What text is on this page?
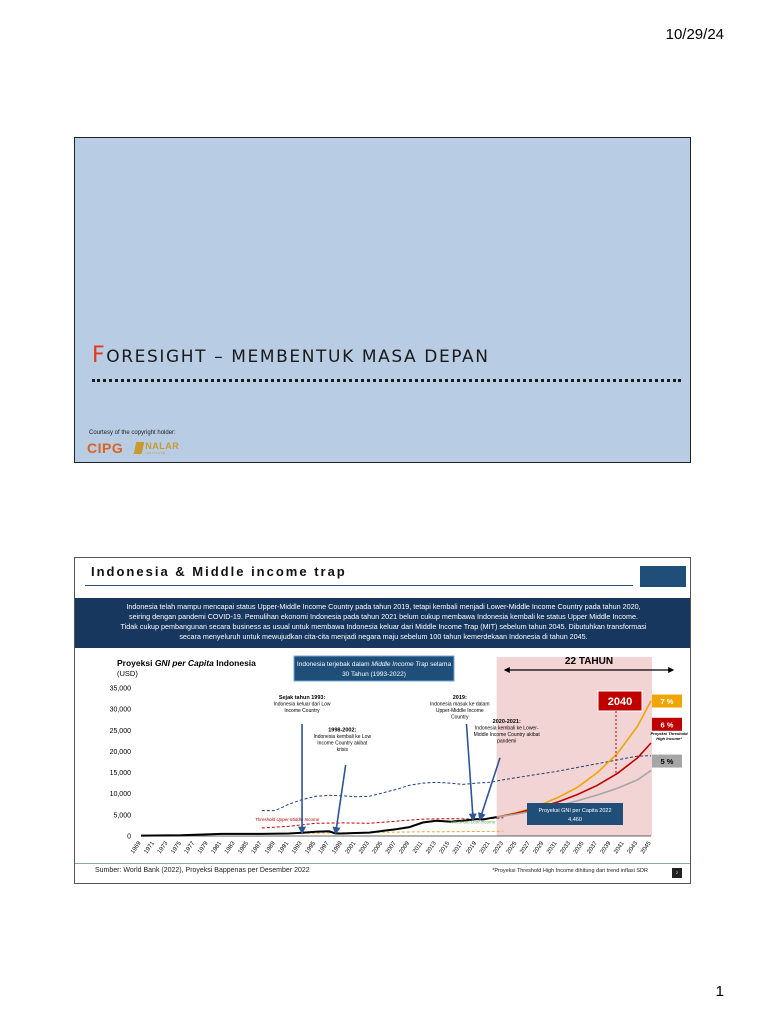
10/29/24
FORESIGHT – MEMBENTUK MASA DEPAN
Courtesy of the copyright holder:
CIPG NALAR
INSTITUTE
Indonesia & Middle income trap
Indonesia telah mampu mencapai status Upper-Middle Income Country pada tahun 2019, tetapi kembali menjadi Lower-Middle Income Country pada tahun 2020,
seiring dengan pandemi COVID-19. Pemulihan ekonomi Indonesia pada tahun 2021 belum cukup membawa Indonesia kembali ke status Upper Middle Income.
Tidak cukup pembangunan secara business as usual untuk membawa Indonesia keluar dari Middle Income Trap (MIT) sebelum tahun 2045. Dibutuhkan transformasi
secara menyeluruh untuk mewujudkan cita-cita menjadi negara maju sebelum 100 tahun kemerdekaan Indonesia di tahun 2045.
0
5,000
10,000
15,000
20,000
25,000
30,000
35,000
1969 1971 1973 1975 1977 1979 1981 1983 1985 1987 1989 1991 1993 1995 1997 1999 2001 2003 2005 2007 2009 2011 2013 2015 2017 2019 2021 2023 2025 2027 2029 2031 2033 2035 2037 2039 2041 2043 2045
Threshold Upper-Middle Income
Threshold Low Income
7 %
6 %
5 %
Sejak tahun 1993:
Indonesia keluar dari Low
Income Country
1998-2002:
Indonesia kembali ke Low
Income Country akibat
krisis
2019:
Indonesia masuk ke dalam
Upper-Middle Income
Country
2020-2021:
Indonesia kembali ke Lower-
Middle Income Country akibat
pandemi
Proyeksi GNI per Capita Indonesia
(USD)
Indonesia terjebak dalam Middle Income Trap selama
30 Tahun (1993-2022)
22 TAHUN
2040
Proyeksi GNI per Capita 2022
4,460
Proyeksi Threshold
High Income*
Sumber: World Bank (2022), Proyeksi Bappenas per Desember 2022	*Proyeksi Threshold High Income dihitung dari trend inflasi SDR	2
1
